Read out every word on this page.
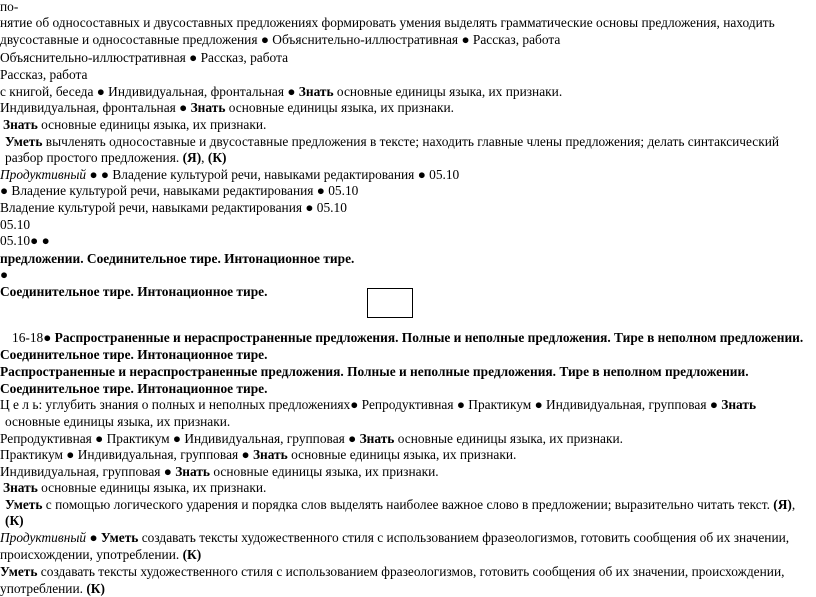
по-
нятие об односоставных и двусоставных предложениях формировать умения выделять грамматические основы предложения, находить
двусоставные и односоставные предложения ● Объяснительно-иллюстративная ● Рассказ, работа
Объяснительно-иллюстративная ● Рассказ, работа
Рассказ, работа
с книгой, беседа ● Индивидуальная, фронтальная ● Знать основные единицы языка, их признаки.
Индивидуальная, фронтальная ● Знать основные единицы языка, их признаки.
Знать основные единицы языка, их признаки.
Уметь вычленять односоставные и двусоставные предложения в тексте; находить главные члены предложения; делать синтаксический
разбор простого предложения. (Я), (К)
Продуктивный ● ● Владение культурой речи, навыками редактирования ● 05.10
● Владение культурой речи, навыками редактирования ● 05.10
Владение культурой речи, навыками редактирования ● 05.10
05.10
05.10● ●
предложении. Соединительное тире. Интонационное тире.
●
Соединительное тире. Интонационное тире.
16-18● Распространенные и нераспространенные предложения. Полные и неполные предложения. Тире в неполном предложении.
Соединительное тире. Интонационное тире.
Распространенные и нераспространенные предложения. Полные и неполные предложения. Тире в неполном предложении.
Соединительное тире. Интонационное тире.
Ц е л ь: углубить знания о полных и неполных предложениях● Репродуктивная ● Практикум ● Индивидуальная, групповая ● Знать
основные единицы языка, их признаки.
Репродуктивная ● Практикум ● Индивидуальная, групповая ● Знать основные единицы языка, их признаки.
Практикум ● Индивидуальная, групповая ● Знать основные единицы языка, их признаки.
Индивидуальная, групповая ● Знать основные единицы языка, их признаки.
Знать основные единицы языка, их признаки.
Уметь с помощью логического ударения и порядка слов выделять наиболее важное слово в предложении; выразительно читать текст. (Я),
(К)
Продуктивный ● Уметь создавать тексты художественного стиля с использованием фразеологизмов, готовить сообщения об их значении,
происхождении, употреблении. (К)
Уметь создавать тексты художественного стиля с использованием фразеологизмов, готовить сообщения об их значении, происхождении,
употреблении. (К)
